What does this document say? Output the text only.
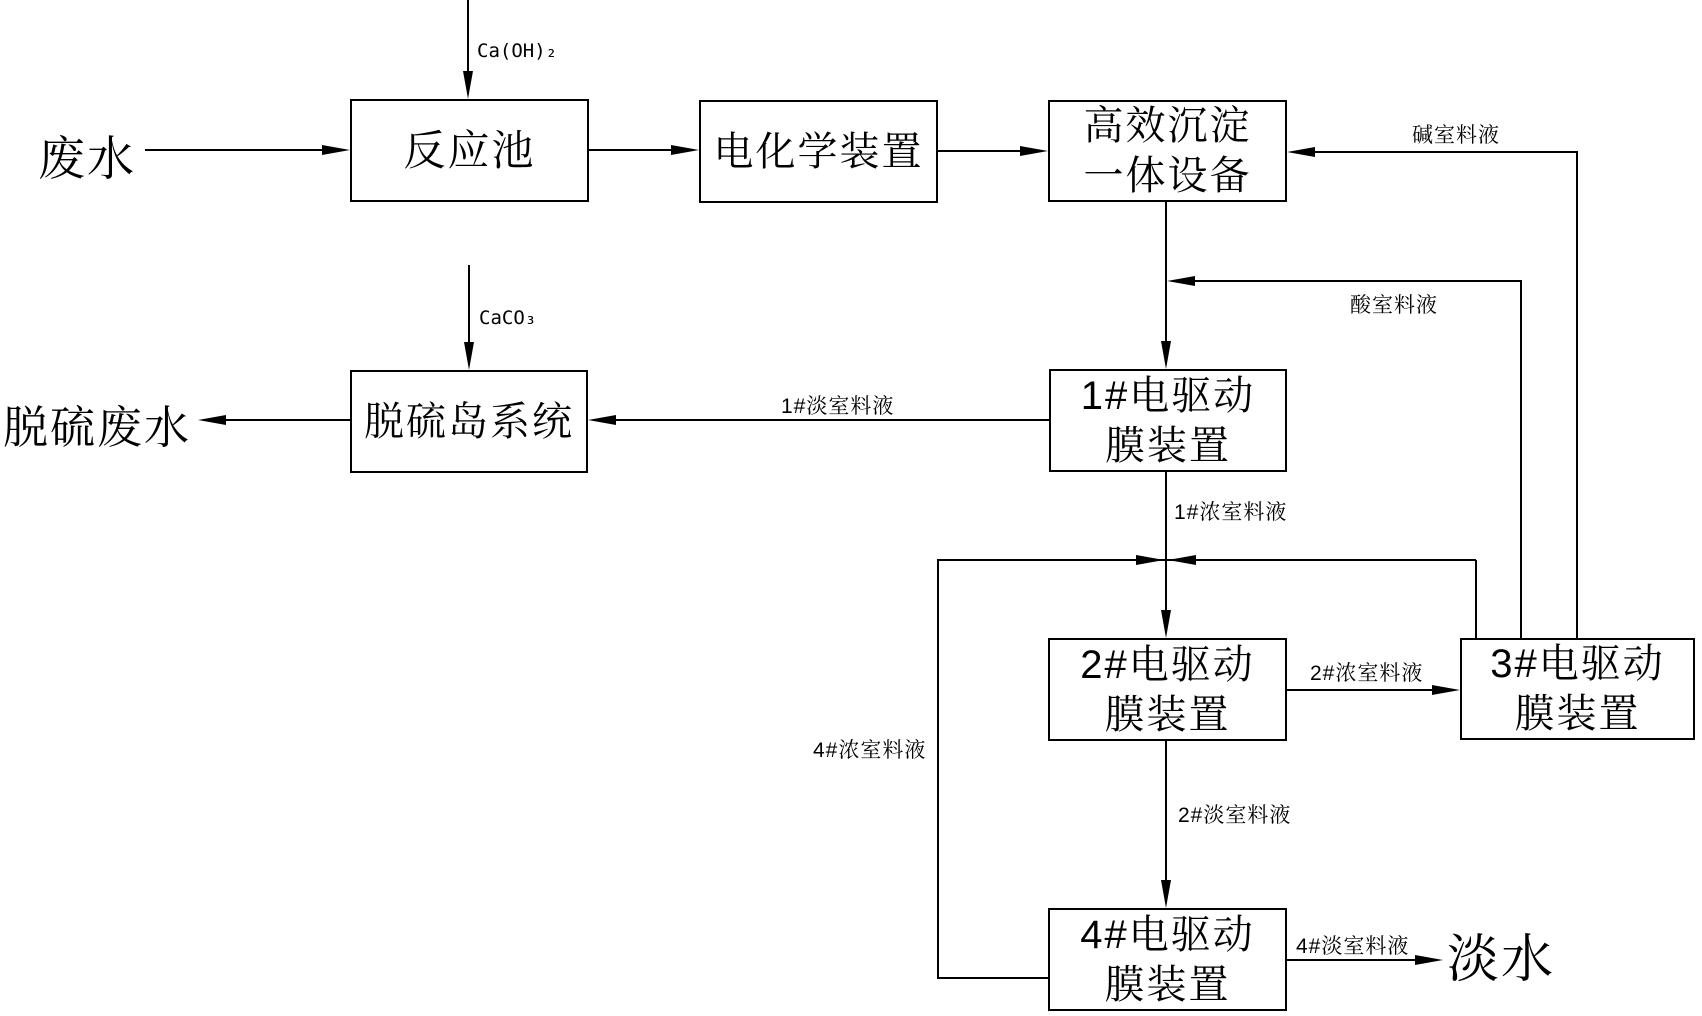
废水
脱硫废水
淡水
Ca(OH)₂
CaCO₃
反应池	电化学装置
高效沉淀
一体设备
脱硫岛系统
1#电驱动
膜装置
2#电驱动
膜装置
3#电驱动
膜装置
4#电驱动
膜装置
碱室料液
酸室料液
1#淡室料液
1#浓室料液
2#浓室料液
2#淡室料液
4#浓室料液
4#淡室料液
